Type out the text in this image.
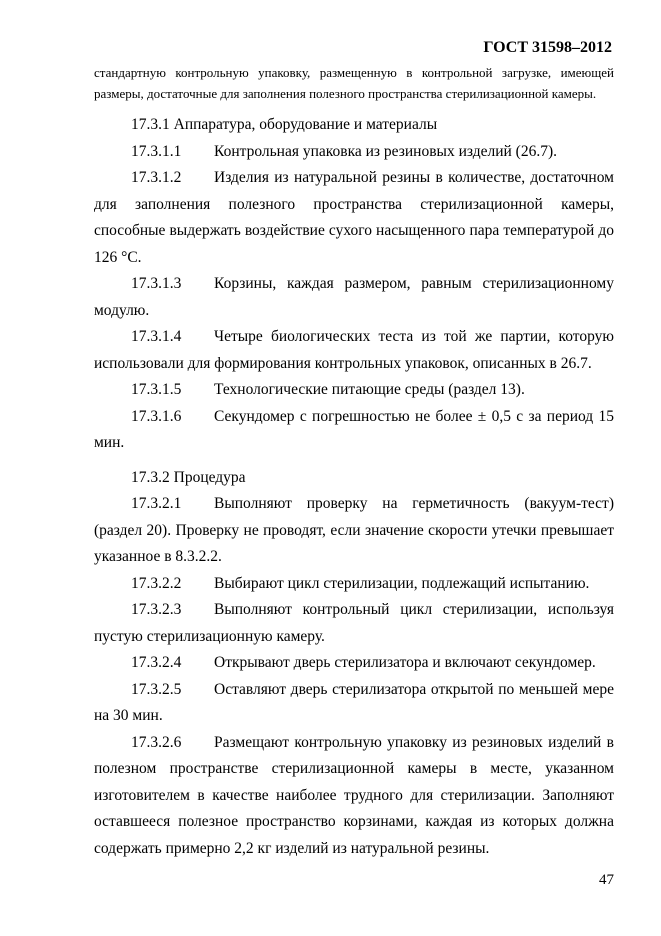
ГОСТ 31598–2012

стандартную контрольную упаковку, размещенную в контрольной загрузке, имеющей размеры, достаточные для заполнения полезного пространства стерилизационной камеры.

17.3.1 Аппаратура, оборудование и материалы

17.3.1.1 Контрольная упаковка из резиновых изделий (26.7).

17.3.1.2 Изделия из натуральной резины в количестве, достаточном для заполнения полезного пространства стерилизационной камеры, способные выдержать воздействие сухого насыщенного пара температурой до 126 °С.

17.3.1.3 Корзины, каждая размером, равным стерилизационному модулю.

17.3.1.4 Четыре биологических теста из той же партии, которую использовали для формирования контрольных упаковок, описанных в 26.7.

17.3.1.5 Технологические питающие среды (раздел 13).

17.3.1.6 Секундомер с погрешностью не более ± 0,5 с за период 15 мин.

17.3.2 Процедура

17.3.2.1 Выполняют проверку на герметичность (вакуум-тест) (раздел 20). Проверку не проводят, если значение скорости утечки превышает указанное в 8.3.2.2.

17.3.2.2 Выбирают цикл стерилизации, подлежащий испытанию.

17.3.2.3 Выполняют контрольный цикл стерилизации, используя пустую стерилизационную камеру.

17.3.2.4 Открывают дверь стерилизатора и включают секундомер.

17.3.2.5 Оставляют дверь стерилизатора открытой по меньшей мере на 30 мин.

17.3.2.6 Размещают контрольную упаковку из резиновых изделий в полезном пространстве стерилизационной камеры в месте, указанном изготовителем в качестве наиболее трудного для стерилизации. Заполняют оставшееся полезное пространство корзинами, каждая из которых должна содержать примерно 2,2 кг изделий из натуральной резины.

47
